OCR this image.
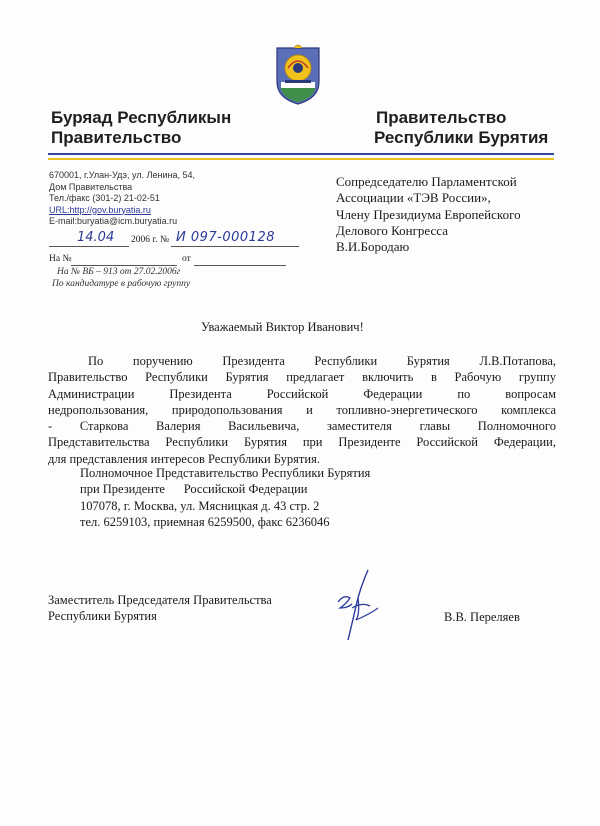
Буряад Республикын
Правительство
Правительство
Республики Бурятия
670001, г.Улан-Удэ, ул. Ленина, 54,
Дом Правительства
Тел./факс (301-2) 21-02-51
URL:http://gov.buryatia.ru
E-mail:buryatia@icm.buryatia.ru
14.04 2006 г. № И 097-000128
На №	от
На № ВБ – 913 от 27.02.2006г
По кандидатуре в рабочую группу
Сопредседателю Парламентской
Ассоциации «ТЭВ России»,
Члену Президиума Европейского
Делового Конгресса
В.И.Бородаю
Уважаемый Виктор Иванович!
По поручению Президента Республики Бурятия Л.В.Потапова,
Правительство Республики Бурятия предлагает включить в Рабочую группу
Администрации Президента Российской Федерации по вопросам
недропользования, природопользования и топливно-энергетического комплекса
- Старкова Валерия Васильевича, заместителя главы Полномочного
Представительства Республики Бурятия при Президенте Российской Федерации,
для представления интересов Республики Бурятия.
Полномочное Представительство Республики Бурятия
при Президенте      Российской Федерации
107078, г. Москва, ул. Мясницкая д. 43 стр. 2
тел. 6259103, приемная 6259500, факс 6236046
Заместитель Председателя Правительства
Республики Бурятия	В.В. Переляев
